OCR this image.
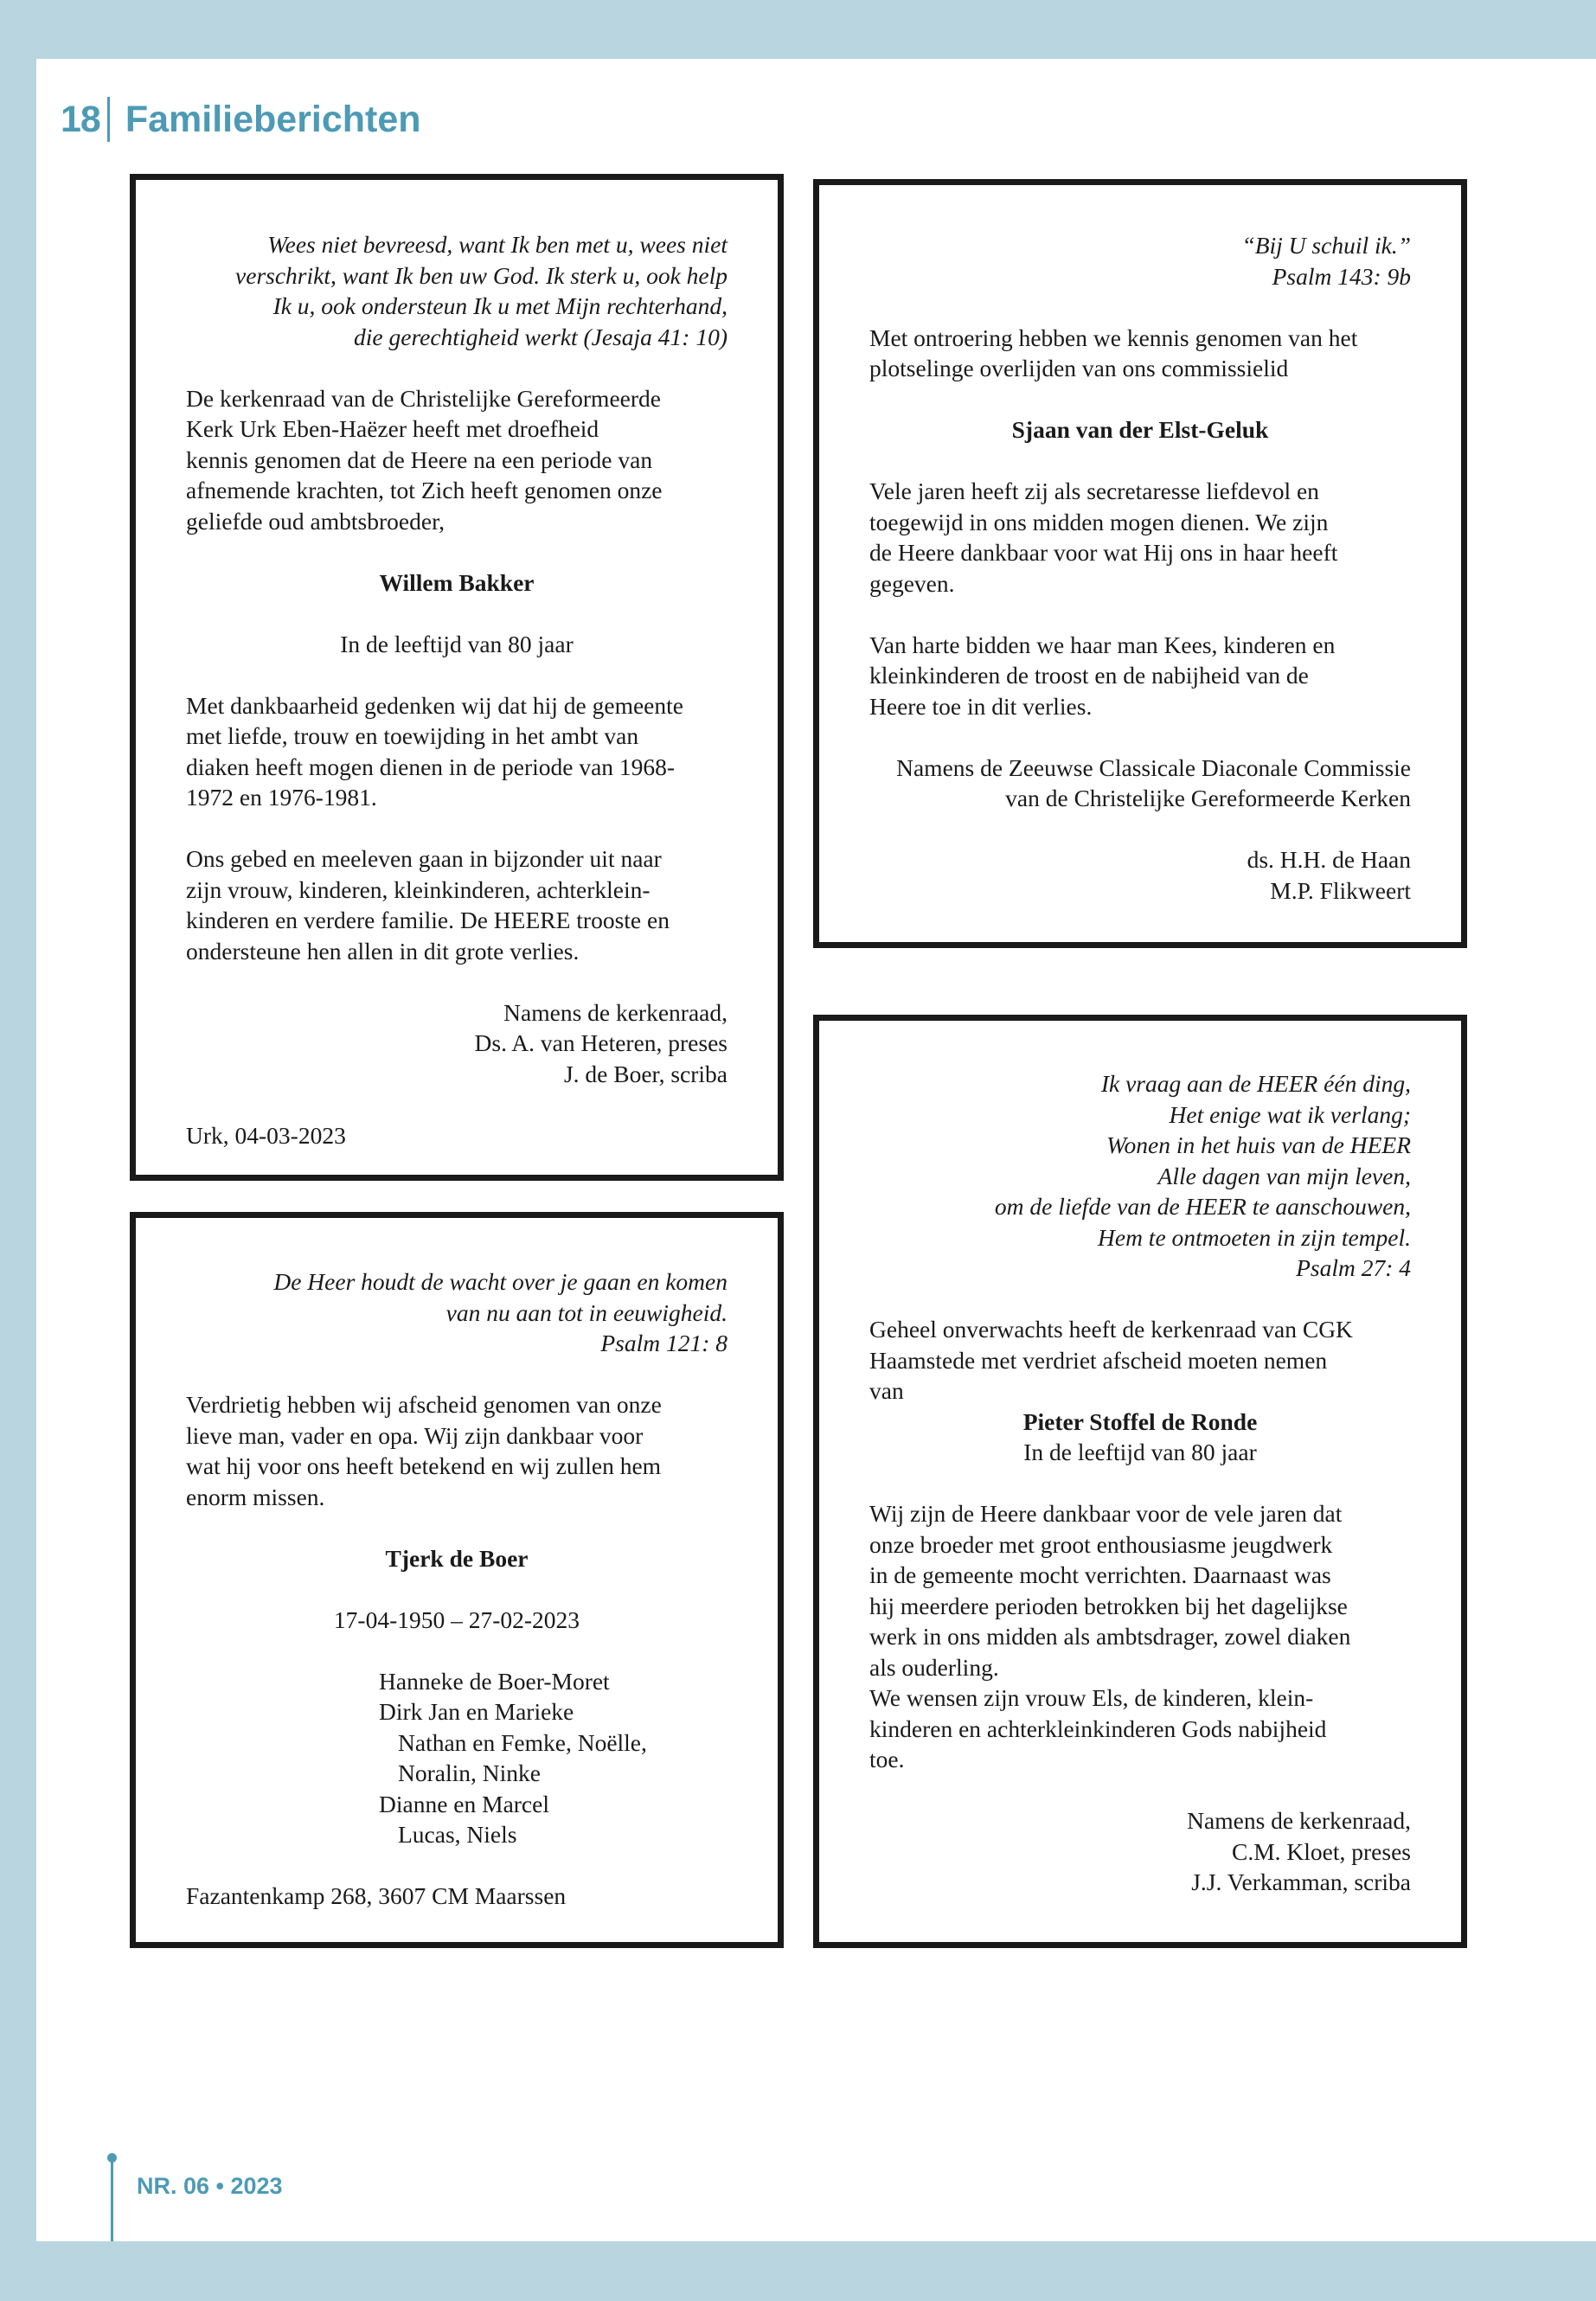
18 Familieberichten

Wees niet bevreesd, want Ik ben met u, wees niet

verschrikt, want Ik ben uw God. Ik sterk u, ook help

Ik u, ook ondersteun Ik u met Mijn rechterhand,

die gerechtigheid werkt (Jesaja 41: 10)

De kerkenraad van de Christelijke Gereformeerde

Kerk Urk Eben-Haëzer heeft met droefheid

kennis genomen dat de Heere na een periode van

afnemende krachten, tot Zich heeft genomen onze

geliefde oud ambtsbroeder,

Willem Bakker

In de leeftijd van 80 jaar

Met dankbaarheid gedenken wij dat hij de gemeente

met liefde, trouw en toewijding in het ambt van

diaken heeft mogen dienen in de periode van 1968-

1972 en 1976-1981.

Ons gebed en meeleven gaan in bijzonder uit naar

zijn vrouw, kinderen, kleinkinderen, achterklein-

kinderen en verdere familie. De HEERE trooste en

ondersteune hen allen in dit grote verlies.

Namens de kerkenraad,

Ds. A. van Heteren, preses

J. de Boer, scriba

Urk, 04-03-2023

“Bij U schuil ik.”

Psalm 143: 9b

Met ontroering hebben we kennis genomen van het

plotselinge overlijden van ons commissielid

Sjaan van der Elst-Geluk

Vele jaren heeft zij als secretaresse liefdevol en

toegewijd in ons midden mogen dienen. We zijn

de Heere dankbaar voor wat Hij ons in haar heeft

gegeven.

Van harte bidden we haar man Kees, kinderen en

kleinkinderen de troost en de nabijheid van de

Heere toe in dit verlies.

Namens de Zeeuwse Classicale Diaconale Commissie

van de Christelijke Gereformeerde Kerken

ds. H.H. de Haan

M.P. Flikweert

De Heer houdt de wacht over je gaan en komen

van nu aan tot in eeuwigheid.

Psalm 121: 8

Verdrietig hebben wij afscheid genomen van onze

lieve man, vader en opa. Wij zijn dankbaar voor

wat hij voor ons heeft betekend en wij zullen hem

enorm missen.

Tjerk de Boer

17-04-1950 – 27-02-2023

Hanneke de Boer-Moret

Dirk Jan en Marieke

Nathan en Femke, Noëlle,

Noralin, Ninke

Dianne en Marcel

Lucas, Niels

Fazantenkamp 268, 3607 CM Maarssen

Ik vraag aan de HEER één ding,

Het enige wat ik verlang;

Wonen in het huis van de HEER

Alle dagen van mijn leven,

om de liefde van de HEER te aanschouwen,

Hem te ontmoeten in zijn tempel.

Psalm 27: 4

Geheel onverwachts heeft de kerkenraad van CGK

Haamstede met verdriet afscheid moeten nemen

van

Pieter Stoffel de Ronde

In de leeftijd van 80 jaar

Wij zijn de Heere dankbaar voor de vele jaren dat

onze broeder met groot enthousiasme jeugdwerk

in de gemeente mocht verrichten. Daarnaast was

hij meerdere perioden betrokken bij het dagelijkse

werk in ons midden als ambtsdrager, zowel diaken

als ouderling.

We wensen zijn vrouw Els, de kinderen, klein-

kinderen en achterkleinkinderen Gods nabijheid

toe.

Namens de kerkenraad,

C.M. Kloet, preses

J.J. Verkamman, scriba

NR. 06 • 2023
